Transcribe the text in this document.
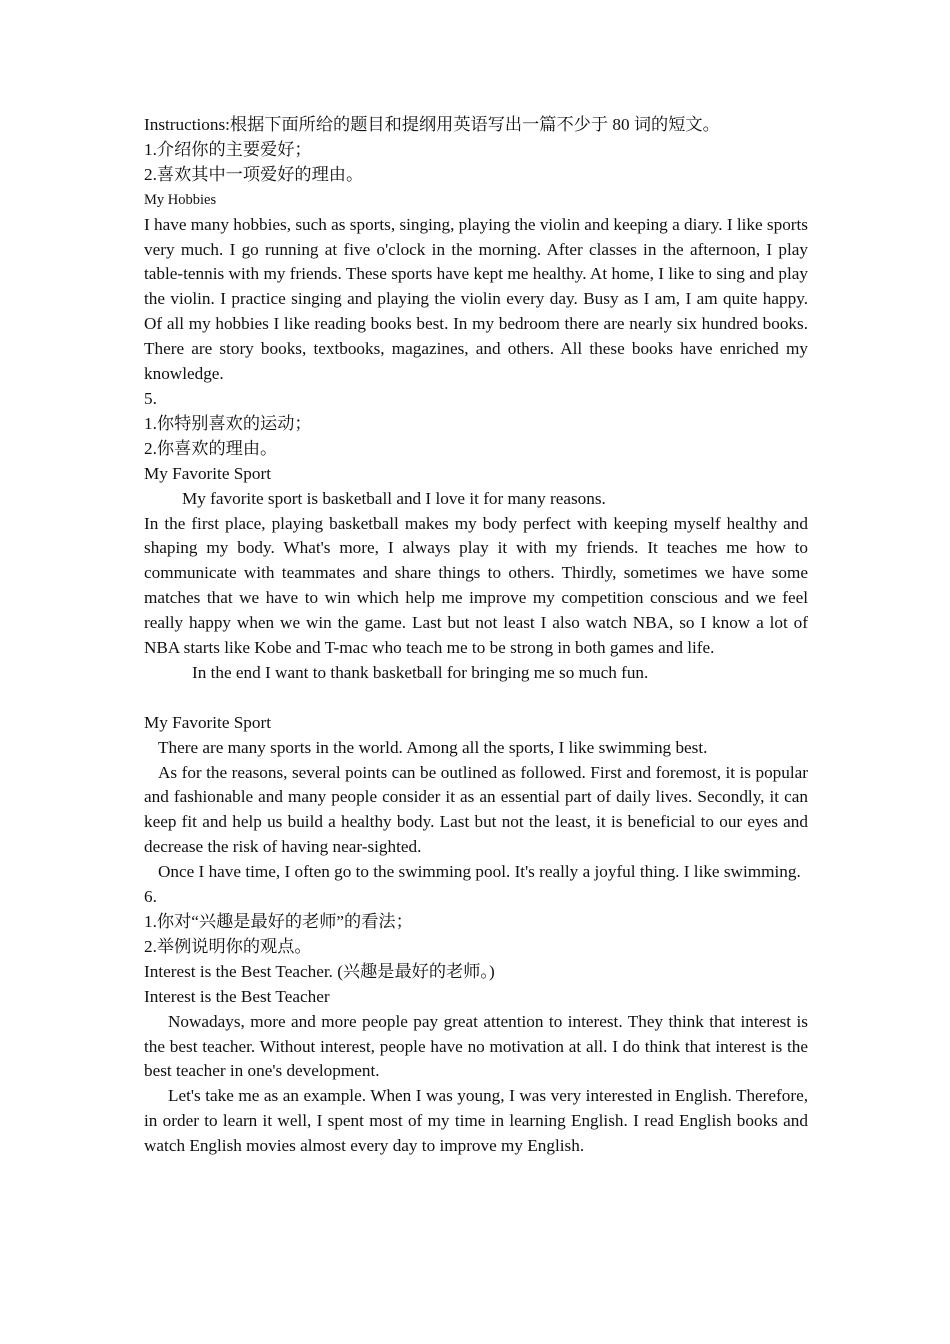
Instructions:根据下面所给的题目和提纲用英语写出一篇不少于 80 词的短文。

1.介绍你的主要爱好；

2.喜欢其中一项爱好的理由。

My Hobbies

I have many hobbies, such as sports, singing, playing the violin and keeping a diary. I like sports very much. I go running at five o'clock in the morning. After classes in the afternoon, I play table-tennis with my friends. These sports have kept me healthy. At home, I like to sing and play the violin. I practice singing and playing the violin every day. Busy as I am, I am quite happy. Of all my hobbies I like reading books best. In my bedroom there are nearly six hundred books. There are story books, textbooks, magazines, and others. All these books have enriched my knowledge.

5.

1.你特别喜欢的运动；

2.你喜欢的理由。

My Favorite Sport

My favorite sport is basketball and I love it for many reasons.

In the first place, playing basketball makes my body perfect with keeping myself healthy and shaping my body. What's more, I always play it with my friends. It teaches me how to communicate with teammates and share things to others. Thirdly, sometimes we have some matches that we have to win which help me improve my competition conscious and we feel really happy when we win the game. Last but not least I also watch NBA, so I know a lot of NBA starts like Kobe and T-mac who teach me to be strong in both games and life.

In the end I want to thank basketball for bringing me so much fun.

My Favorite Sport

There are many sports in the world. Among all the sports, I like swimming best.

As for the reasons, several points can be outlined as followed. First and foremost, it is popular and fashionable and many people consider it as an essential part of daily lives. Secondly, it can keep fit and help us build a healthy body. Last but not the least, it is beneficial to our eyes and decrease the risk of having near-sighted.

Once I have time, I often go to the swimming pool. It's really a joyful thing. I like swimming.

6.

1.你对“兴趣是最好的老师”的看法；

2.举例说明你的观点。

Interest is the Best Teacher. (兴趣是最好的老师。)

Interest is the Best Teacher

Nowadays, more and more people pay great attention to interest. They think that interest is the best teacher. Without interest, people have no motivation at all. I do think that interest is the best teacher in one's development.

Let's take me as an example. When I was young, I was very interested in English. Therefore, in order to learn it well, I spent most of my time in learning English. I read English books and watch English movies almost every day to improve my English.
